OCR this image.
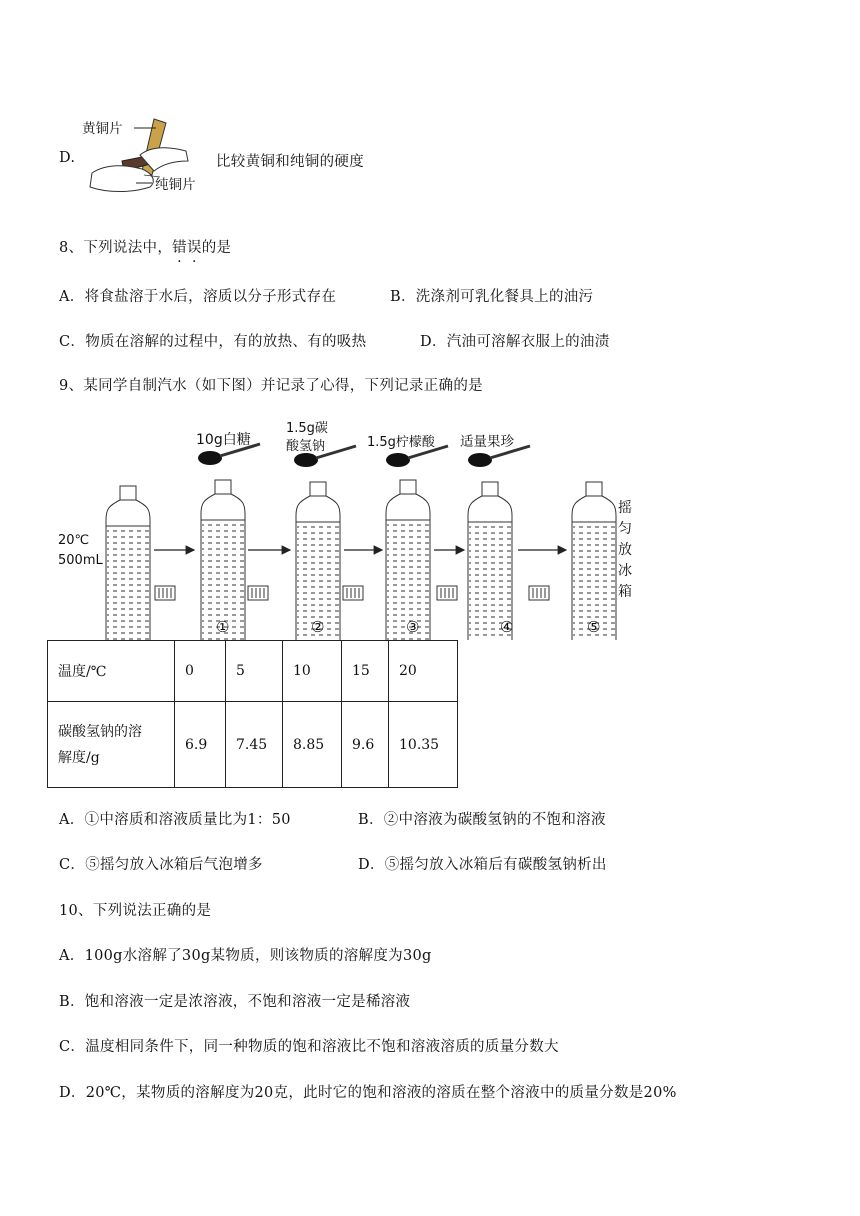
D.
黄铜片
纯铜片
比较黄铜和纯铜的硬度
8、下列说法中，错误的是
A．将食盐溶于水后，溶质以分子形式存在	B．洗涤剂可乳化餐具上的油污
C．物质在溶解的过程中，有的放热、有的吸热	D．汽油可溶解衣服上的油渍
9、某同学自制汽水（如下图）并记录了心得，下列记录正确的是
20℃
500mL
10g白糖
1.5g碳
酸氢钠	1.5g柠檬酸 适量果珍
摇
匀
放
冰
箱
①	②	③	④	⑤
温度/℃	0	5	10	15	20

碳酸氢钠的溶
解度/g	6.9	7.45	8.85	9.6	10.35
A．①中溶质和溶液质量比为1：50	B．②中溶液为碳酸氢钠的不饱和溶液
C．⑤摇匀放入冰箱后气泡增多	D．⑤摇匀放入冰箱后有碳酸氢钠析出
10、下列说法正确的是
A．100g水溶解了30g某物质，则该物质的溶解度为30g
B．饱和溶液一定是浓溶液，不饱和溶液一定是稀溶液
C．温度相同条件下，同一种物质的饱和溶液比不饱和溶液溶质的质量分数大
D．20℃，某物质的溶解度为20克，此时它的饱和溶液的溶质在整个溶液中的质量分数是20%
